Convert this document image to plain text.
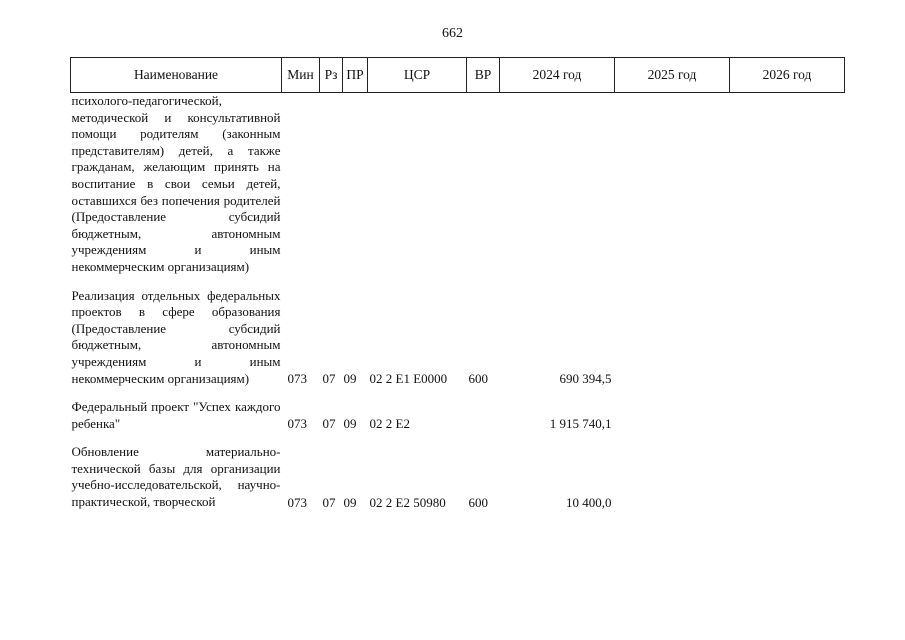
662
Наименование	Мин	Рз	ПР	ЦСР	ВР	2024 год	2025 год	2026 год
психолого-педагогической, методической и консультативной помощи родителям (законным представителям) детей, а также гражданам, желающим принять на воспитание в свои семьи детей, оставшихся без попечения родителей (Предоставление субсидий бюджетным, автономным учреждениям и иным некоммерческим организациям)								

Реализация отдельных федеральных проектов в сфере образования (Предоставление субсидий бюджетным, автономным учреждениям и иным некоммерческим организациям)	073	07	09	02 2 Е1 Е0000	600	690 394,5		

Федеральный проект "Успех каждого ребенка"	073	07	09	02 2 Е2		1 915 740,1		

Обновление материально-технической базы для организации учебно-исследовательской, научно-практической, творческой	073	07	09	02 2 Е2 50980	600	10 400,0		
